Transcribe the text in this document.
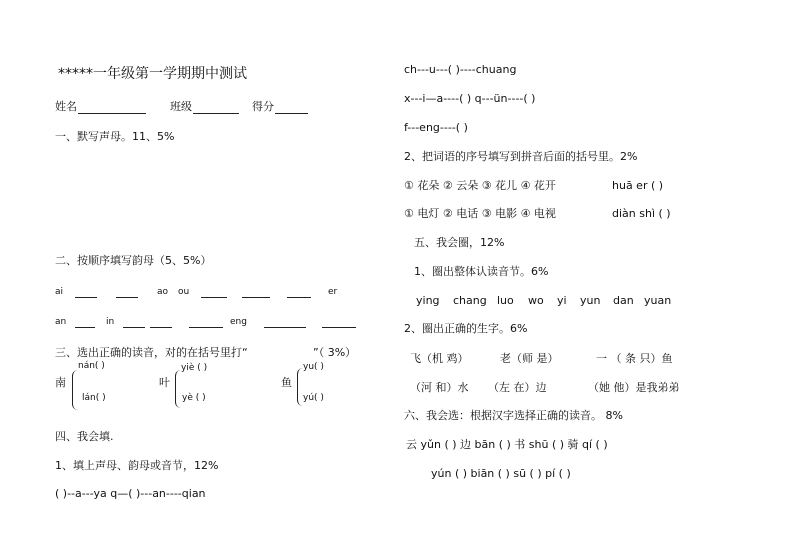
*****一年级第一学期期中测试
姓名	班级	得分
一、默写声母。11、5%
二、按顺序填写韵母（5、5%）
ai	ao ou	er
an	in	eng
三、选出正确的读音，对的在括号里打“	”（ 3%）
南
nán( )
lán( )
叶
yiè ( )
yè ( )
鱼
yu( )
yú( )
四、我会填.
1、填上声母、韵母或音节，12%
( )--a---ya q—( )---an----qian
ch---u---( )----chuang
x---i—a----( ) q---ün----( )
f---eng----( )
2、把词语的序号填写到拼音后面的括号里。2%
① 花朵 ② 云朵 ③ 花儿 ④ 花开	huā er ( )
① 电灯 ② 电话 ③ 电影 ④ 电视	diàn shì ( )
五、我会圈，12%
1、圈出整体认读音节。6%
ying chang luo wo yi yun dan yuan
2、圈出正确的生字。6%
飞（机 鸡）	老（师 是）	一 （ 条 只）鱼
（河 和）水 （左 在）边	（她 他）是我弟弟
六、我会选：根据汉字选择正确的读音。 8%
云 yǔn ( ) 边 bān ( ) 书 shū ( ) 骑 qí ( )
yún ( ) biān ( ) sū ( ) pí ( )
